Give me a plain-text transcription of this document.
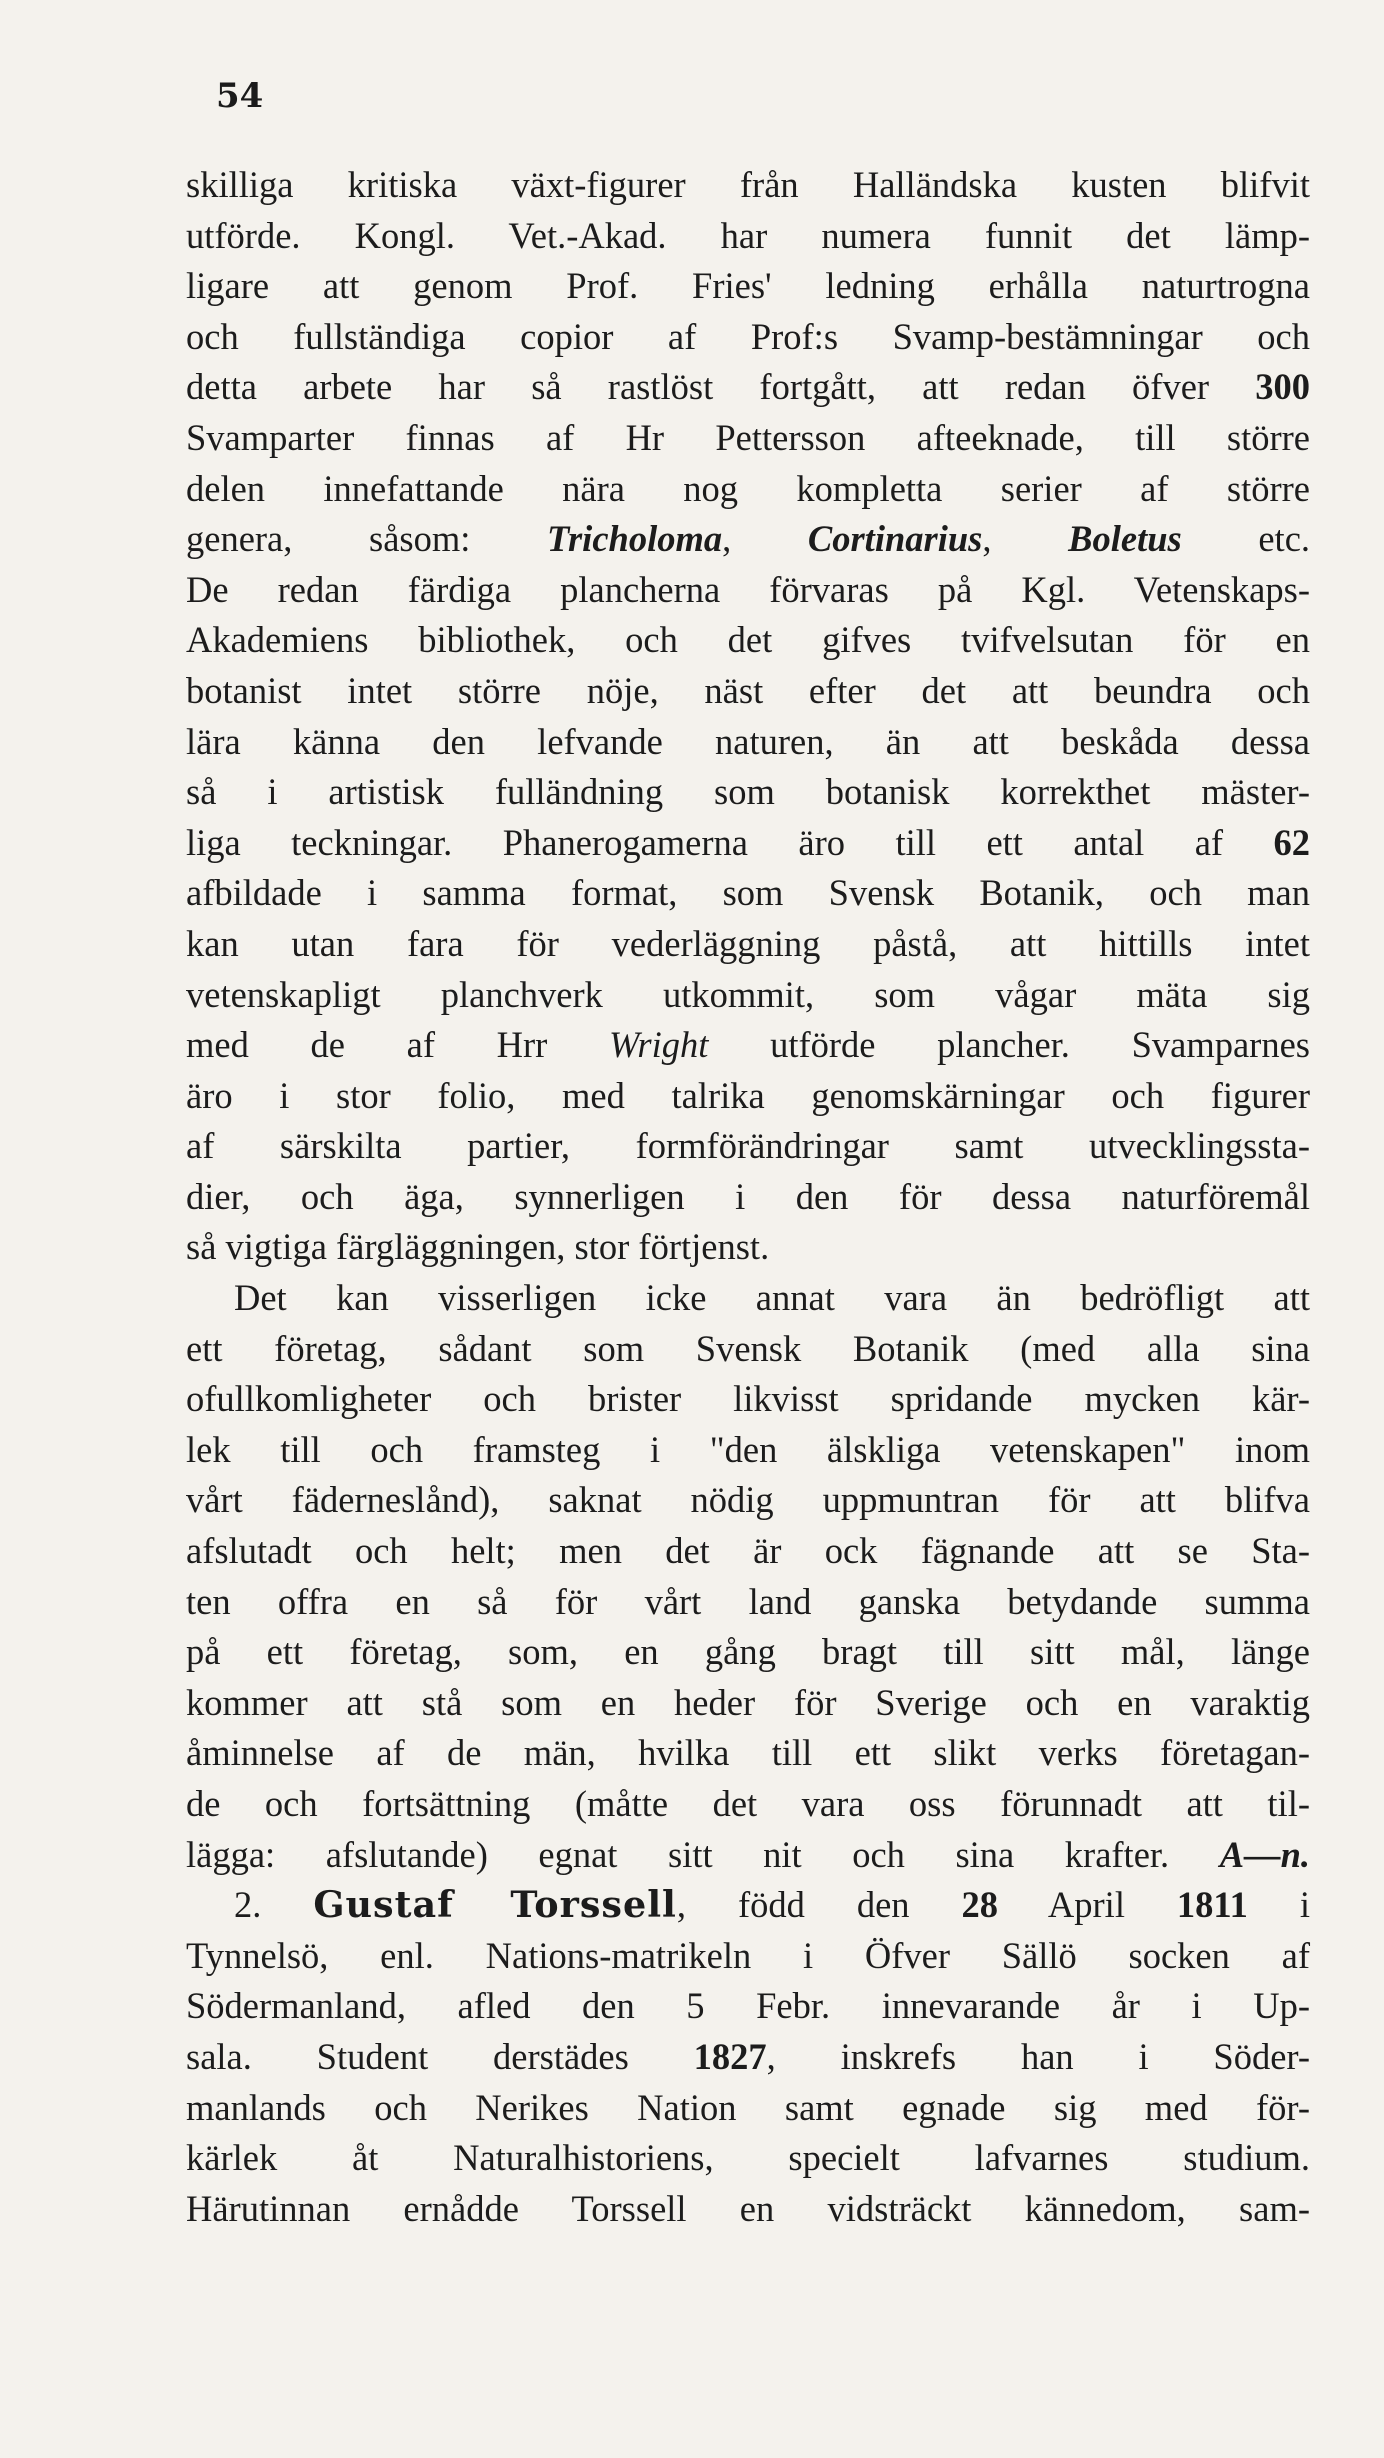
54
skilliga kritiska växt-figurer från Halländska kusten blifvit
utförde. Kongl. Vet.-Akad. har numera funnit det lämp-
ligare att genom Prof. Fries' ledning erhålla naturtrogna
och fullständiga copior af Prof:s Svamp-bestämningar och
detta arbete har så rastlöst fortgått, att redan öfver 300
Svamparter finnas af Hr Pettersson afteeknade, till större
delen innefattande nära nog kompletta serier af större
genera, såsom: Tricholoma, Cortinarius, Boletus etc.
De redan färdiga plancherna förvaras på Kgl. Vetenskaps-
Akademiens bibliothek, och det gifves tvifvelsutan för en
botanist intet större nöje, näst efter det att beundra och
lära känna den lefvande naturen, än att beskåda dessa
så i artistisk fulländning som botanisk korrekthet mäster-
liga teckningar. Phanerogamerna äro till ett antal af 62
afbildade i samma format, som Svensk Botanik, och man
kan utan fara för vederläggning påstå, att hittills intet
vetenskapligt planchverk utkommit, som vågar mäta sig
med de af Hrr Wright utförde plancher. Svamparnes
äro i stor folio, med talrika genomskärningar och figurer
af särskilta partier, formförändringar samt utvecklingssta-
dier, och äga, synnerligen i den för dessa naturföremål
så vigtiga färgläggningen, stor förtjenst.
Det kan visserligen icke annat vara än bedröfligt att
ett företag, sådant som Svensk Botanik (med alla sina
ofullkomligheter och brister likvisst spridande mycken kär-
lek till och framsteg i "den älskliga vetenskapen" inom
vårt fäderneslånd), saknat nödig uppmuntran för att blifva
afslutadt och helt; men det är ock fägnande att se Sta-
ten offra en så för vårt land ganska betydande summa
på ett företag, som, en gång bragt till sitt mål, länge
kommer att stå som en heder för Sverige och en varaktig
åminnelse af de män, hvilka till ett slikt verks företagan-
de och fortsättning (måtte det vara oss förunnadt att til-
lägga: afslutande) egnat sitt nit och sina krafter. A—n.
2. Gustaf Torssell, född den 28 April 1811 i
Tynnelsö, enl. Nations-matrikeln i Öfver Sällö socken af
Södermanland, afled den 5 Febr. innevarande år i Up-
sala. Student derstädes 1827, inskrefs han i Söder-
manlands och Nerikes Nation samt egnade sig med för-
kärlek åt Naturalhistoriens, specielt lafvarnes studium.
Härutinnan ernådde Torssell en vidsträckt kännedom, sam-
